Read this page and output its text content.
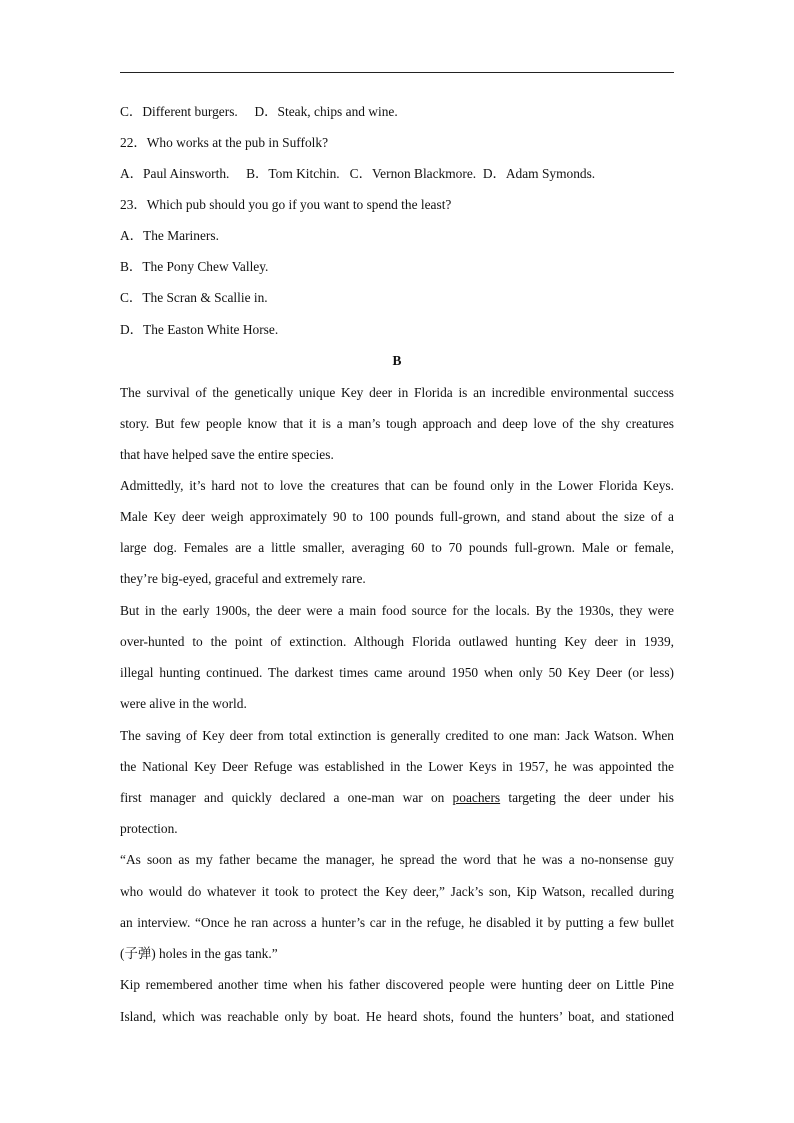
C．Different burgers.     D．Steak, chips and wine.
22．Who works at the pub in Suffolk?
A．Paul Ainsworth.     B．Tom Kitchin.   C．Vernon Blackmore.  D．Adam Symonds.
23．Which pub should you go if you want to spend the least?
A．The Mariners.
B．The Pony Chew Valley.
C．The Scran & Scallie in.
D．The Easton White Horse.
B
The survival of the genetically unique Key deer in Florida is an incredible environmental success
story. But few people know that it is a man’s tough approach and deep love of the shy creatures
that have helped save the entire species.
Admittedly, it’s hard not to love the creatures that can be found only in the Lower Florida Keys.
Male Key deer weigh approximately 90 to 100 pounds full-grown, and stand about the size of a
large dog. Females are a little smaller, averaging 60 to 70 pounds full-grown. Male or female,
they’re big-eyed, graceful and extremely rare.
But in the early 1900s, the deer were a main food source for the locals. By the 1930s, they were
over-hunted to the point of extinction. Although Florida outlawed hunting Key deer in 1939,
illegal hunting continued. The darkest times came around 1950 when only 50 Key Deer (or less)
were alive in the world.
The saving of Key deer from total extinction is generally credited to one man: Jack Watson. When
the National Key Deer Refuge was established in the Lower Keys in 1957, he was appointed the
first manager and quickly declared a one-man war on poachers targeting the deer under his
protection.
“As soon as my father became the manager, he spread the word that he was a no-nonsense guy
who would do whatever it took to protect the Key deer,” Jack’s son, Kip Watson, recalled during
an interview. “Once he ran across a hunter’s car in the refuge, he disabled it by putting a few bullet
(子弹) holes in the gas tank.”
Kip remembered another time when his father discovered people were hunting deer on Little Pine
Island, which was reachable only by boat. He heard shots, found the hunters’ boat, and stationed
